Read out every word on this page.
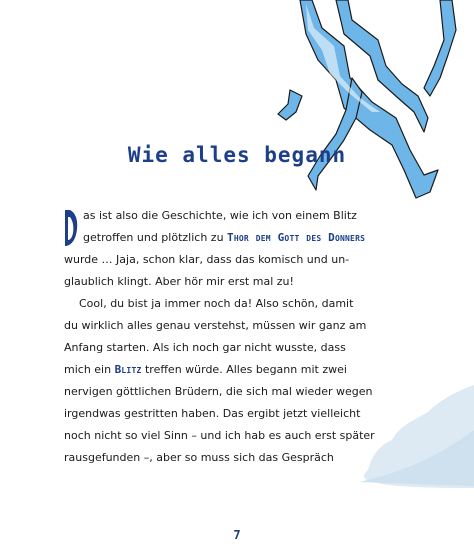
Wie alles begann
as ist also die Geschichte, wie ich von einem Blitz
getroffen und plötzlich zu Thor dem Gott des Donners
wurde … Jaja, schon klar, dass das komisch und un-
glaublich klingt. Aber hör mir erst mal zu!
Cool, du bist ja immer noch da! Also schön, damit
du wirklich alles genau verstehst, müssen wir ganz am
Anfang starten. Als ich noch gar nicht wusste, dass
mich ein Blitz treffen würde. Alles begann mit zwei
nervigen göttlichen Brüdern, die sich mal wieder wegen
irgendwas gestritten haben. Das ergibt jetzt vielleicht
noch nicht so viel Sinn – und ich hab es auch erst später
rausgefunden –, aber so muss sich das Gespräch
7
